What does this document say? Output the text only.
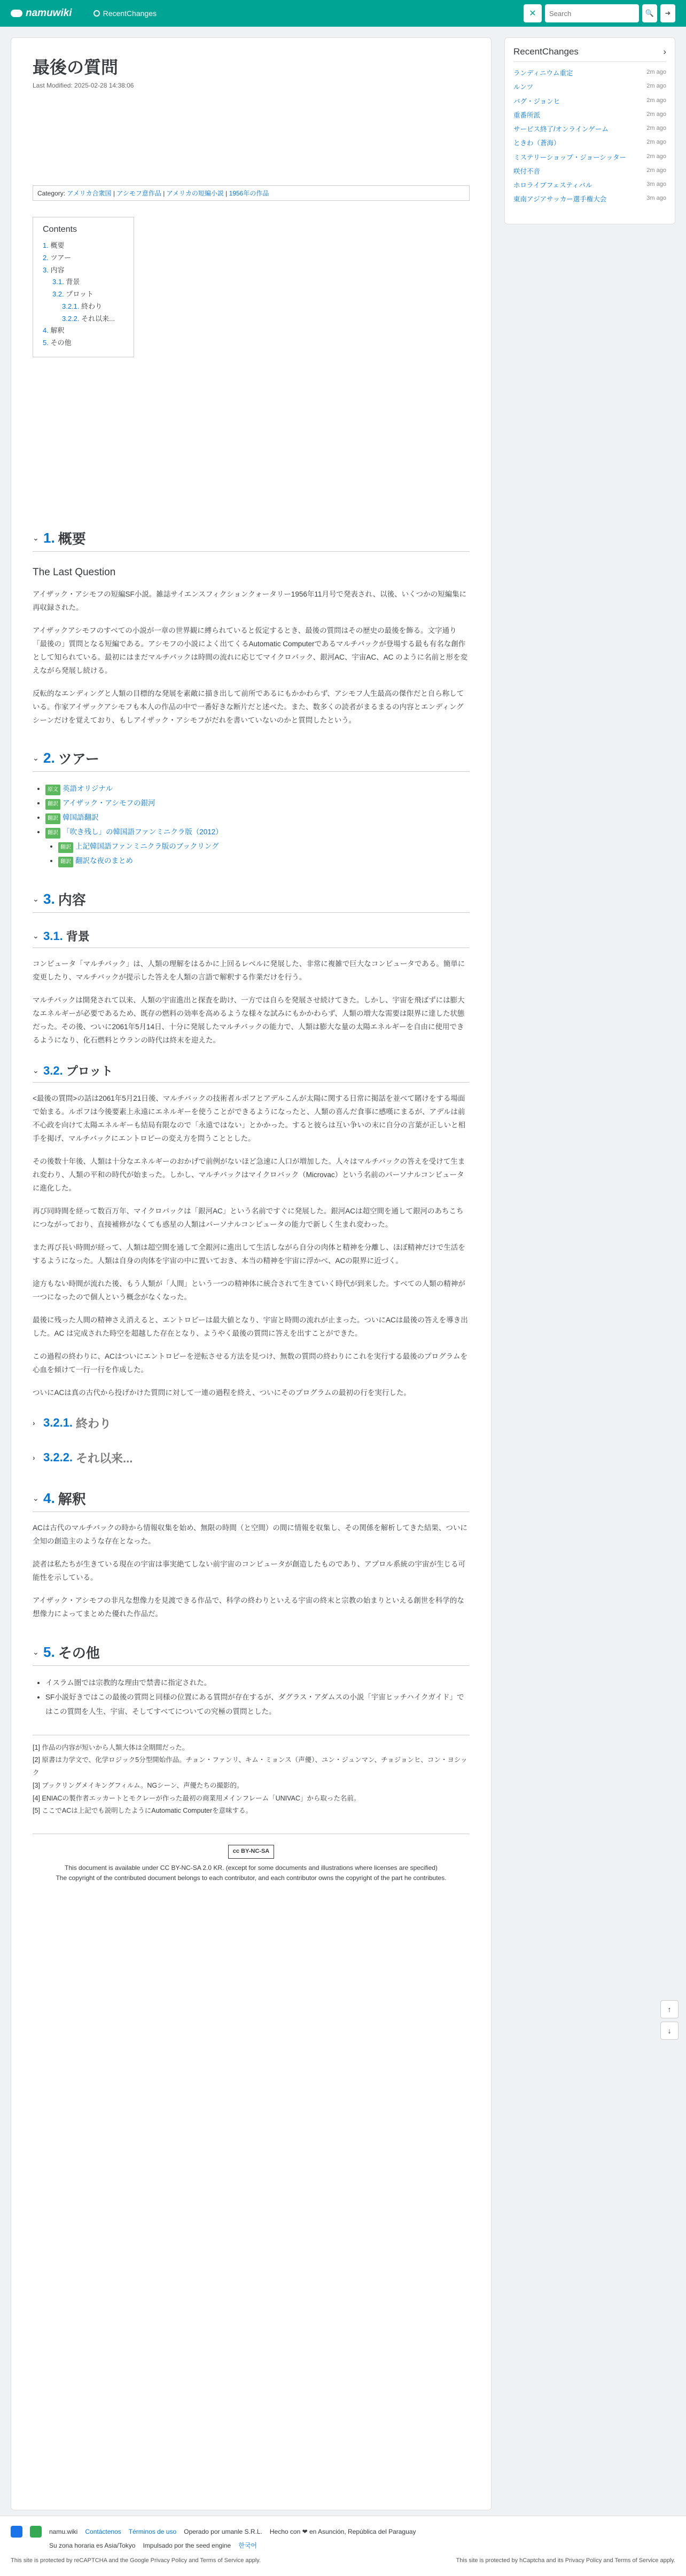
namuwiki	RecentChanges	✕
Search	🔍	➜
最後の質問
Last Modified: 2025-02-28 14:38:06
Category: アメリカ合衆国 | アシモフ意作品 | アメリカの短編小説 | 1956年の作品
Contents
1. 概要
2. ツアー
3. 内容
3.1. 背景
3.2. プロット
3.2.1. 終わり
3.2.2. それ以来...
4. 解釈
5. その他
⌄ 1. 概要
The Last Question
アイザック・アシモフの短編SF小説。雑誌サイエンスフィクションクォータリー1956年11月号で発表され、以後、いくつかの短編集に再収録された。
アイザックアシモフのすべての小説が一章の世界観に縛られていると仮定するとき、最後の質問はその歴史の最後を飾る。文字通り「最後の」質問となる短編である。アシモフの小説によく出てくるAutomatic Computerであるマルチバックが登場する最も有名な創作として知られている。最初にはまだマルチバックは時間の流れに応じてマイクロバック、銀河AC、宇宙AC、AC のように名前と形を変えながら発展し続ける。
反転的なエンディングと人類の目標的な発展を素敵に描き出して前所であるにもかかわらず、アシモフ人生最高の傑作だと自ら称している。作家アイザックアシモフも本人の作品の中で一番好きな断片だと述べた。また、数多くの読者がまるまるの内容とエンディングシーンだけを覚えており、もしアイザック・アシモフがだれを書いていないのかと質問したという。
⌄ 2. ツアー
• 原文 英語オリジナル
• 翻訳 アイザック・アシモフの銀河
• 翻訳 韓国語翻訳
• 翻訳 「吹き残し」の韓国語ファンミニクラ版（2012）
• 翻訳 上記韓国語ファンミニクラ版のブックリング
• 翻訳 翻訳な夜のまとめ
⌄ 3. 内容
⌄ 3.1. 背景
コンピュータ「マルチバック」は、人類の理解をはるかに上回るレベルに発展した、非常に複雑で巨大なコンピュータである。簡単に変更したり、マルチバックが提示した答えを人類の言語で解釈する作業だけを行う。
マルチバックは開発されて以来、人類の宇宙進出と探査を助け、一方では自らを発展させ続けてきた。しかし、宇宙を飛ばずには膨大なエネルギーが必要であるため、既存の燃料の効率を高めるような様々な試みにもかかわらず、人類の増大な需要は限界に達した状態だった。その後、ついに2061年5月14日、十分に発展したマルチバックの能力で、人類は膨大な量の太陽エネルギーを自由に使用できるようになり、化石燃料とウランの時代は終末を迎えた。
⌄ 3.2. プロット
<最後の質問>の話は2061年5月21日後、マルチバックの技術者ルポフとアデルこんが太陽に関する日常に掲話を並べて賭けをする場面で始まる。ルポフは今後要素上永遠にエネルギーを使うことができるようになったと、人類の喜んだ食事に感嘆にまるが、アデルは前不心政を向けて太陽エネルギーも結局有限なので「永遠ではない」とかかった。すると彼らは互い争いの末に自分の言葉が正しいと相手を掲げ、マルチバックにエントロピーの変え方を問うこととした。
その後数十年後、人類は十分なエネルギーのおかげで前例がないほど急速に人口が増加した。人々はマルチバックの答えを受けて生まれ変わり、人類の平和の時代が始まった。しかし、マルチバックはマイクロバック（Microvac）という名前のパーソナルコンピュータに進化した。
再び同時間を経って数百万年、マイクロバックは「銀河AC」という名前ですぐに発展した。銀河ACは超空間を通して銀河のあちこちにつながっており、直接補修がなくても惑星の人類はパーソナルコンピュータの能力で新しく生まれ変わった。
また再び長い時間が経って、人類は超空間を通して全銀河に進出して生活しながら自分の肉体と精神を分離し、ほぼ精神だけで生活をするようになった。人類は自身の肉体を宇宙の中に置いておき、本当の精神を宇宙に浮かべ、ACの限界に近づく。
途方もない時間が流れた後、もう人類が「人間」という一つの精神体に統合されて生きていく時代が到来した。すべての人類の精神が一つになったので個人という概念がなくなった。
最後に残った人間の精神さえ消えると、エントロピーは最大値となり、宇宙と時間の流れが止まった。ついにACは最後の答えを導き出した。AC は完成された時空を超越した存在となり、ようやく最後の質問に答えを出すことができた。
この過程の終わりに、ACはついにエントロピーを逆転させる方法を見つけ、無数の質問の終わりにこれを実行する最後のプログラムを心血を傾けて一行一行を作成した。
ついにACは真の古代から投げかけた質問に対して一連の過程を終え、ついにそのプログラムの最初の行を実行した。
› 3.2.1. 終わり
› 3.2.2. それ以来...
⌄ 4. 解釈
ACは古代のマルチバックの時から情報収集を始め、無限の時間（と空間）の間に情報を収集し、その関係を解析してきた結果、ついに全知の創造主のような存在となった。
読者は私たちが生きている現在の宇宙は事実絶てしない前宇宙のコンピュータが創造したものであり、アプロル系統の宇宙が生じる可能性を示している。
アイザック・アシモフの非凡な想像力を見渡できる作品で、科学の終わりといえる宇宙の終末と宗教の始まりといえる創世を科学的な想像力によってまとめた優れた作品だ。
⌄ 5. その他
• イスラム圏では宗教的な理由で禁書に指定された。
• SF小説好きではこの最後の質問と同様の位置にある質問が存在するが、ダグラス・アダムスの小説「宇宙ヒッチハイクガイド」ではこの質問を人生、宇宙、そしてすべてについての究極の質問とした。
[1] 作品の内容が短いから人類大体は全期間だった。
[2] 原書は力学文で、化学ロジック5分型開始作品。チョン・ファンリ、キム・ミョンス（声優）、ユン・ジュンマン、チョジョンヒ、コン・ヨシック
[3] ブックリングメイキングフィルム。NGシーン、声優たちの撮影的。
[4] ENIACの製作者エッカートとモクレーが作った最初の商業用メインフレーム「UNIVAC」から取った名前。
[5] ここでACは上記でも説明したようにAutomatic Computerを意味する。
cc BY-NC-SA
This document is available under CC BY-NC-SA 2.0 KR. (except for some documents and illustrations where licenses are specified)
The copyright of the contributed document belongs to each contributor, and each contributor owns the copyright of the part he contributes.
RecentChanges	›
ランディニウム重定	2m ago
ルンツ	2m ago
バグ・ジョンヒ	2m ago
重番所派	2m ago
サービス終了/オンラインゲーム	2m ago
ときわ（蒼海）	2m ago
ミステリーショップ・ジョーシッター	2m ago
咲付不音	2m ago
ホロライブフェスティバル	3m ago
東南アジアサッカー選手権大会	3m ago
↑
↓
namu.wiki Contáctenos Términos de uso Operado por umanle S.R.L. Hecho con ❤ en Asunción, República del Paraguay
Su zona horaria es Asia/Tokyo Impulsado por the seed engine 한국어
This site is protected by reCAPTCHA and the Google Privacy Policy and Terms of Service apply.	This site is protected by hCaptcha and its Privacy Policy and Terms of Service apply.
